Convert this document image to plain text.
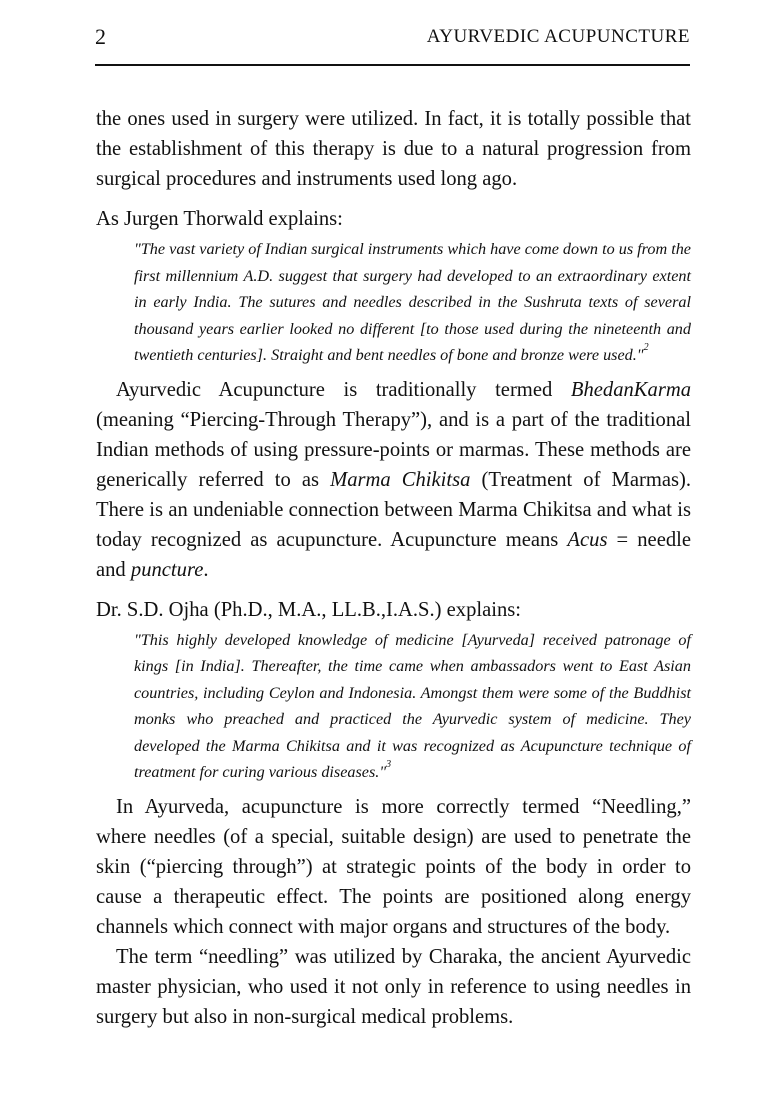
2	AYURVEDIC ACUPUNCTURE

the ones used in surgery were utilized. In fact, it is totally possible that the establishment of this therapy is due to a natural progression from surgical procedures and instruments used long ago.

As Jurgen Thorwald explains:

"The vast variety of Indian surgical instruments which have come down to us from the first millennium A.D. suggest that surgery had developed to an extraordinary extent in early India. The sutures and needles described in the Sushruta texts of several thousand years earlier looked no different [to those used during the nineteenth and twentieth centuries]. Straight and bent needles of bone and bronze were used."$^2$

Ayurvedic Acupuncture is traditionally termed BhedanKarma (meaning “Piercing-Through Therapy”), and is a part of the traditional Indian methods of using pressure-points or marmas. These methods are generically referred to as Marma Chikitsa (Treatment of Marmas). There is an undeniable connection between Marma Chikitsa and what is today recognized as acupuncture. Acupuncture means Acus = needle and puncture.

Dr. S.D. Ojha (Ph.D., M.A., LL.B.,I.A.S.) explains:

"This highly developed knowledge of medicine [Ayurveda] received patronage of kings [in India]. Thereafter, the time came when ambassadors went to East Asian countries, including Ceylon and Indonesia. Amongst them were some of the Buddhist monks who preached and practiced the Ayurvedic system of medicine. They developed the Marma Chikitsa and it was recognized as Acupuncture technique of treatment for curing various diseases."$^3$

In Ayurveda, acupuncture is more correctly termed “Needling,” where needles (of a special, suitable design) are used to penetrate the skin (“piercing through”) at strategic points of the body in order to cause a therapeutic effect. The points are positioned along energy channels which connect with major organs and structures of the body.

The term “needling” was utilized by Charaka, the ancient Ayurvedic master physician, who used it not only in reference to using needles in surgery but also in non-surgical medical problems.
